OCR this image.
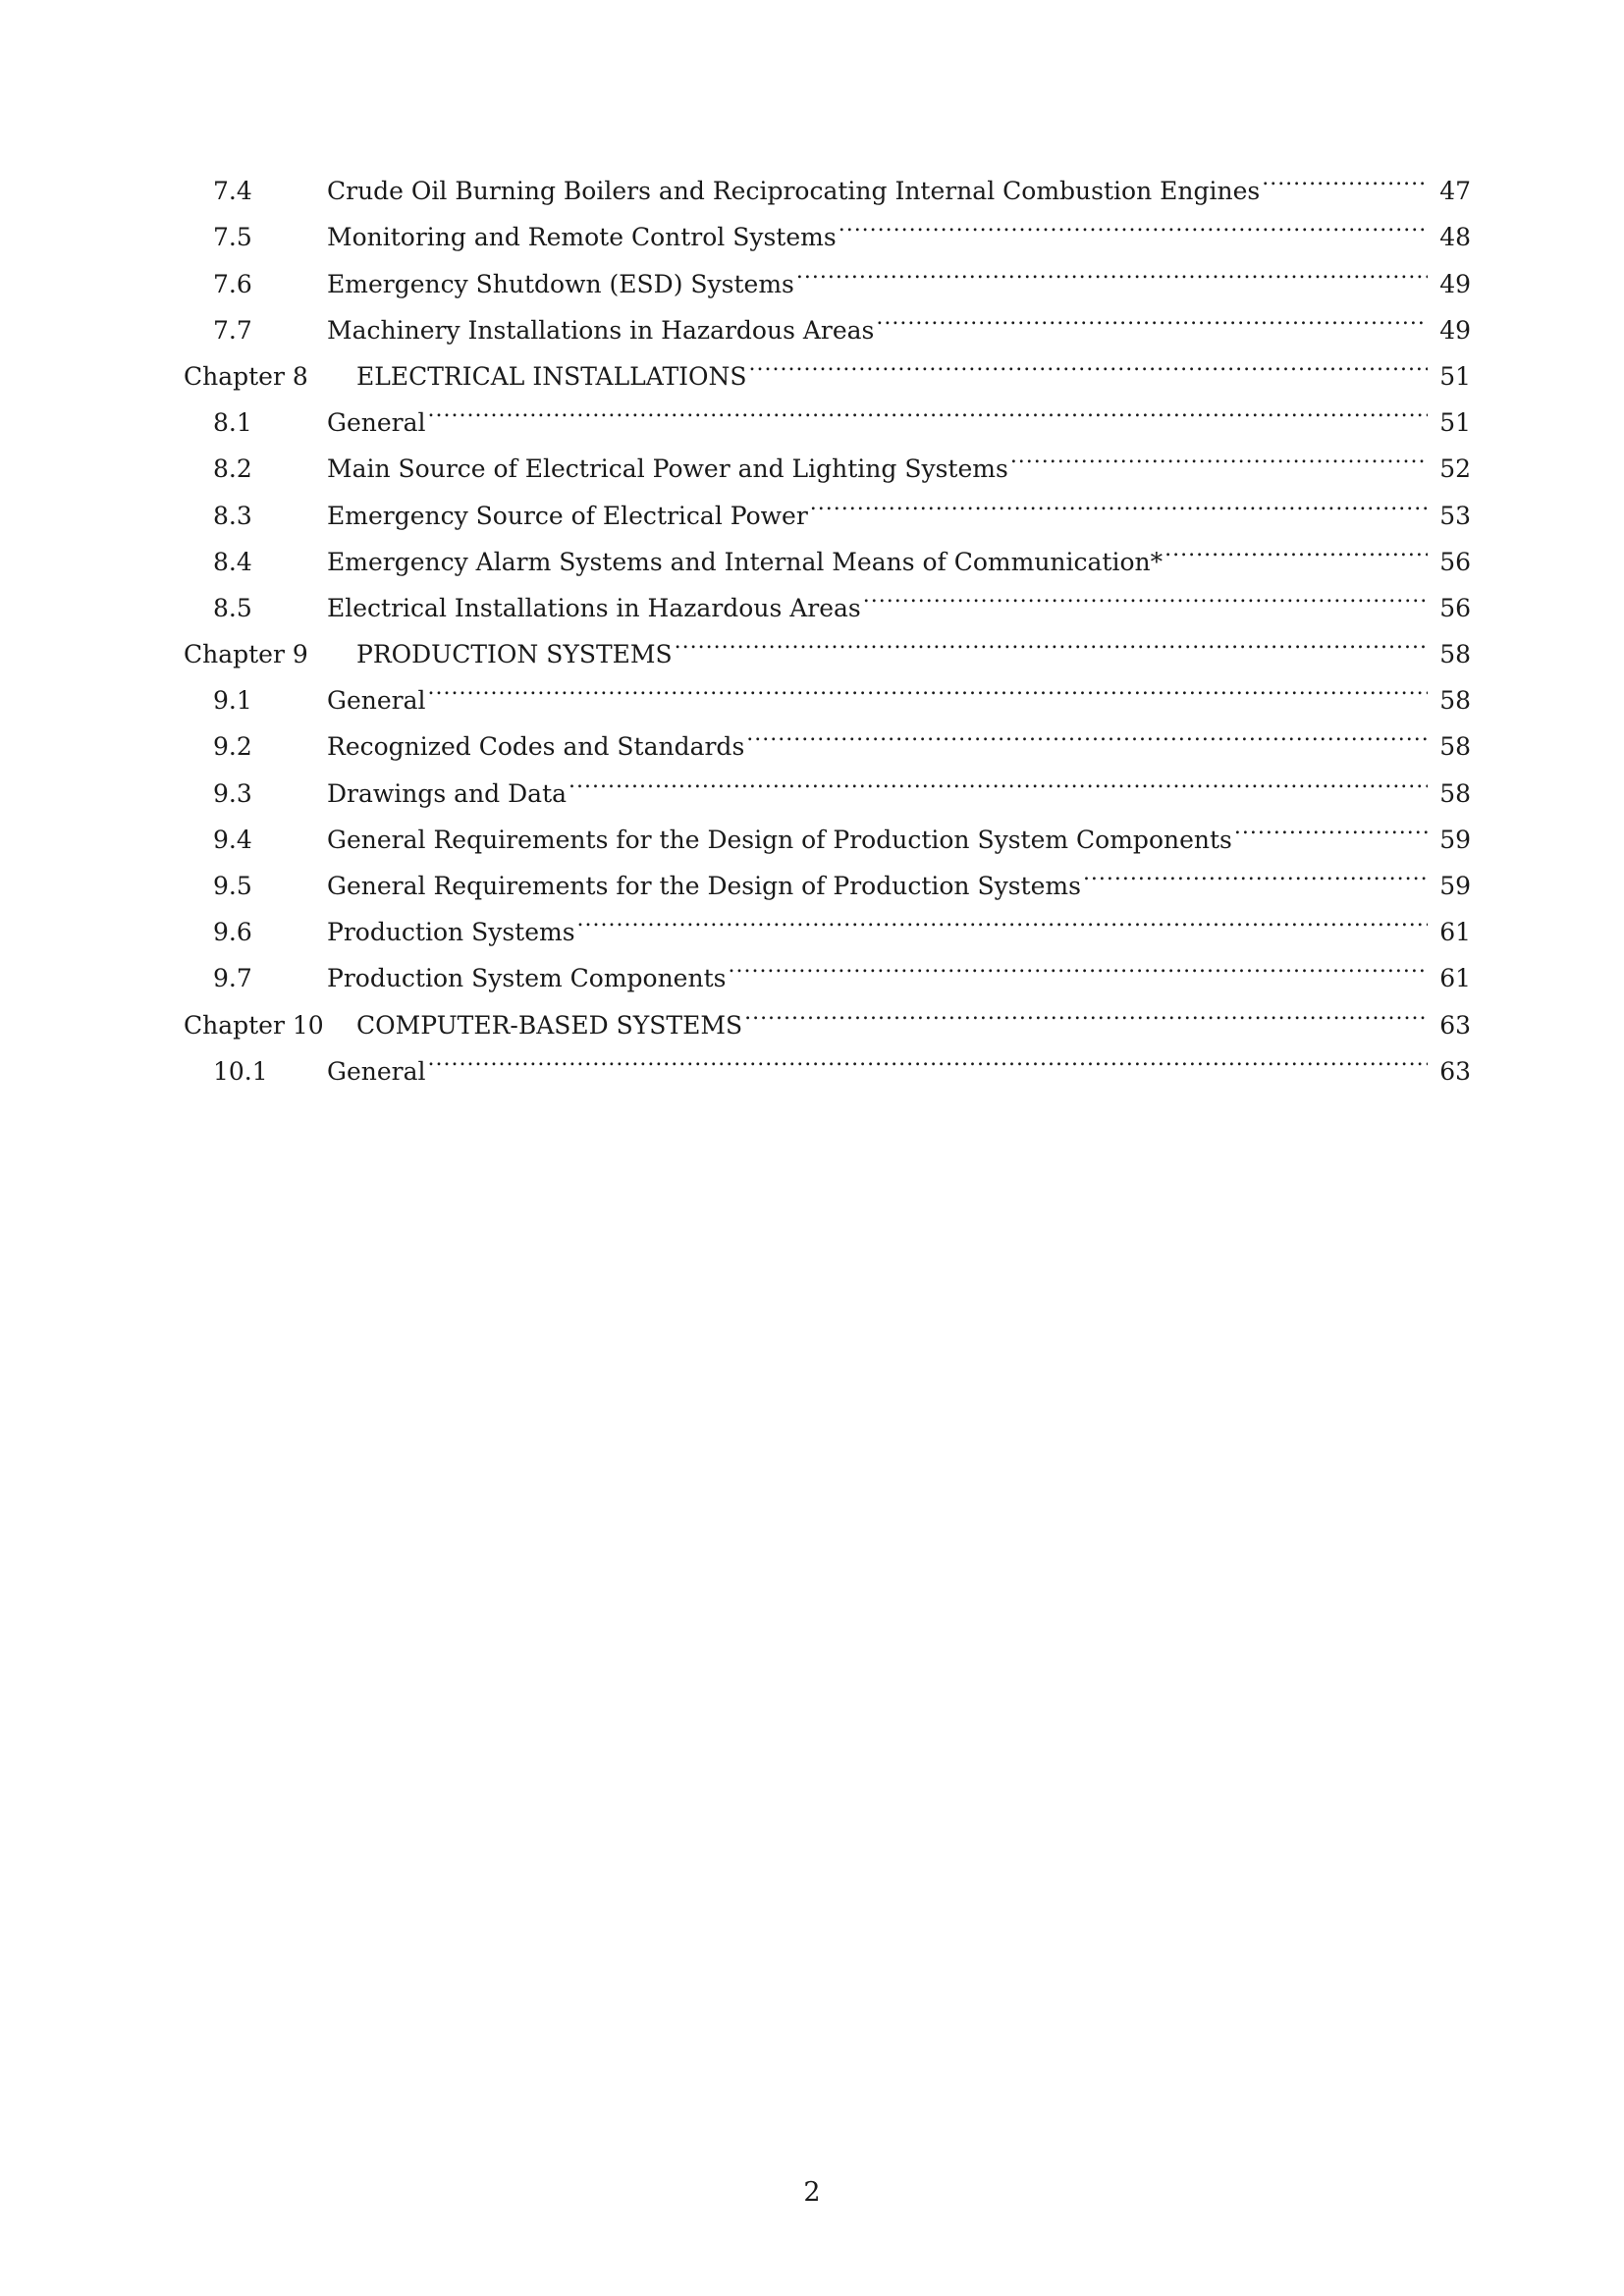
7.4	Crude Oil Burning Boilers and Reciprocating Internal Combustion Engines .....	47
7.5	Monitoring and Remote Control Systems .....	48
7.6	Emergency Shutdown (ESD) Systems .....	49
7.7	Machinery Installations in Hazardous Areas .....	49
Chapter 8	ELECTRICAL INSTALLATIONS .....	51
8.1	General .....	51
8.2	Main Source of Electrical Power and Lighting Systems .....	52
8.3	Emergency Source of Electrical Power .....	53
8.4	Emergency Alarm Systems and Internal Means of Communication* .....	56
8.5	Electrical Installations in Hazardous Areas .....	56
Chapter 9	PRODUCTION SYSTEMS .....	58
9.1	General .....	58
9.2	Recognized Codes and Standards .....	58
9.3	Drawings and Data .....	58
9.4	General Requirements for the Design of Production System Components .....	59
9.5	General Requirements for the Design of Production Systems .....	59
9.6	Production Systems .....	61
9.7	Production System Components .....	61
Chapter 10	COMPUTER-BASED SYSTEMS .....	63
10.1	General .....	63
2
